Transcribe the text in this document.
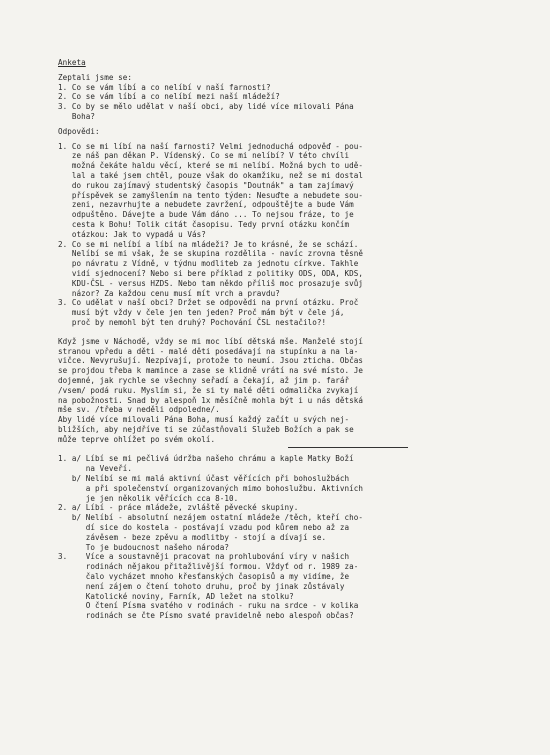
Anketa
Zeptali jsme se:
1. Co se vám líbí a co nelíbí v naší farnosti?
2. Co se vám líbí a co nelíbí mezi naší mládeží?
3. Co by se mělo udělat v naší obci, aby lidé více milovali Pána
Boha?
Odpovědi:
1. Co se mi líbí na naší farnosti? Velmi jednoduchá odpověď - pou-
ze náš pan děkan P. Vídenský. Co se mi nelíbí? V této chvíli
možná čekáte haldu věcí, které se mi nelíbí. Možná bych to udě-
lal a také jsem chtěl, pouze však do okamžiku, než se mi dostal
do rukou zajímavý studentský časopis "Doutnák" a tam zajímavý
příspěvek se zamyšlením na tento týden: Nesuďte a nebudete sou-
zeni, nezavrhujte a nebudete zavržení, odpouštějte a bude Vám
odpuštěno. Dávejte a bude Vám dáno ... To nejsou fráze, to je
cesta k Bohu! Tolik citát časopisu. Tedy první otázku končím
otázkou: Jak to vypadá u Vás?
2. Co se mi nelíbí a líbí na mládeži? Je to krásné, že se schází.
Nelíbí se mi však, že se skupina rozdělila - navíc zrovna těsně
po návratu z Vídně, v týdnu modliteb za jednotu církve. Takhle
vidí sjednocení? Nebo si bere příklad z politiky ODS, ODA, KDS,
KDU-ČSL - versus HZDS. Nebo tam někdo příliš moc prosazuje svůj
názor? Za každou cenu musí mít vrch a pravdu?
3. Co udělat v naší obci? Držet se odpovědi na první otázku. Proč
musí být vždy v čele jen ten jeden? Proč mám být v čele já,
proč by nemohl být ten druhý? Pochování ČSL nestačilo?!
Když jsme v Náchodě, vždy se mi moc líbí dětská mše. Manželé stojí
stranou vpředu a děti - malé děti posedávají na stupínku a na la-
vičce. Nevyrušují. Nezpívají, protože to neumí. Jsou zticha. Občas
se projdou třeba k mamince a zase se klidně vrátí na své místo. Je
dojemné, jak rychle se všechny seřadí a čekají, až jim p. farář
/vsem/ podá ruku. Myslím si, že si ty malé děti odmalička zvykají
na pobožnosti. Snad by alespoň 1x měsíčně mohla být i u nás dětská
mše sv. /třeba v neděli odpoledne/.
Aby lidé více milovali Pána Boha, musí každý začít u svých nej-
bližších, aby nejdříve ti se zúčastňovali Služeb Božích a pak se
může teprve ohlížet po svém okolí.
1. a/ Líbí se mi pečlivá údržba našeho chrámu a kaple Matky Boží
na Veveří.
b/ Nelíbí se mi malá aktivní účast věřících při bohoslužbách
a při společenství organizovaných mimo bohoslužbu. Aktivních
je jen několik věřících cca 8-10.
2. a/ Líbí - práce mládeže, zvláště pěvecké skupiny.
b/ Nelíbí - absolutní nezájem ostatní mládeže /těch, kteří cho-
dí sice do kostela - postávají vzadu pod kůrem nebo až za
závěsem - beze zpěvu a modlitby - stojí a dívají se.
To je budoucnost našeho národa?
3.    Více a soustavněji pracovat na prohlubování víry v našich
rodinách nějakou přitažlivější formou. Vždyť od r. 1989 za-
čalo vycházet mnoho křesťanských časopisů a my vidíme, že
není zájem o čtení tohoto druhu, proč by jinak zůstávaly
Katolické noviny, Farník, AD ležet na stolku?
O čtení Písma svatého v rodinách - ruku na srdce - v kolika
rodinách se čte Písmo svaté pravidelně nebo alespoň občas?
